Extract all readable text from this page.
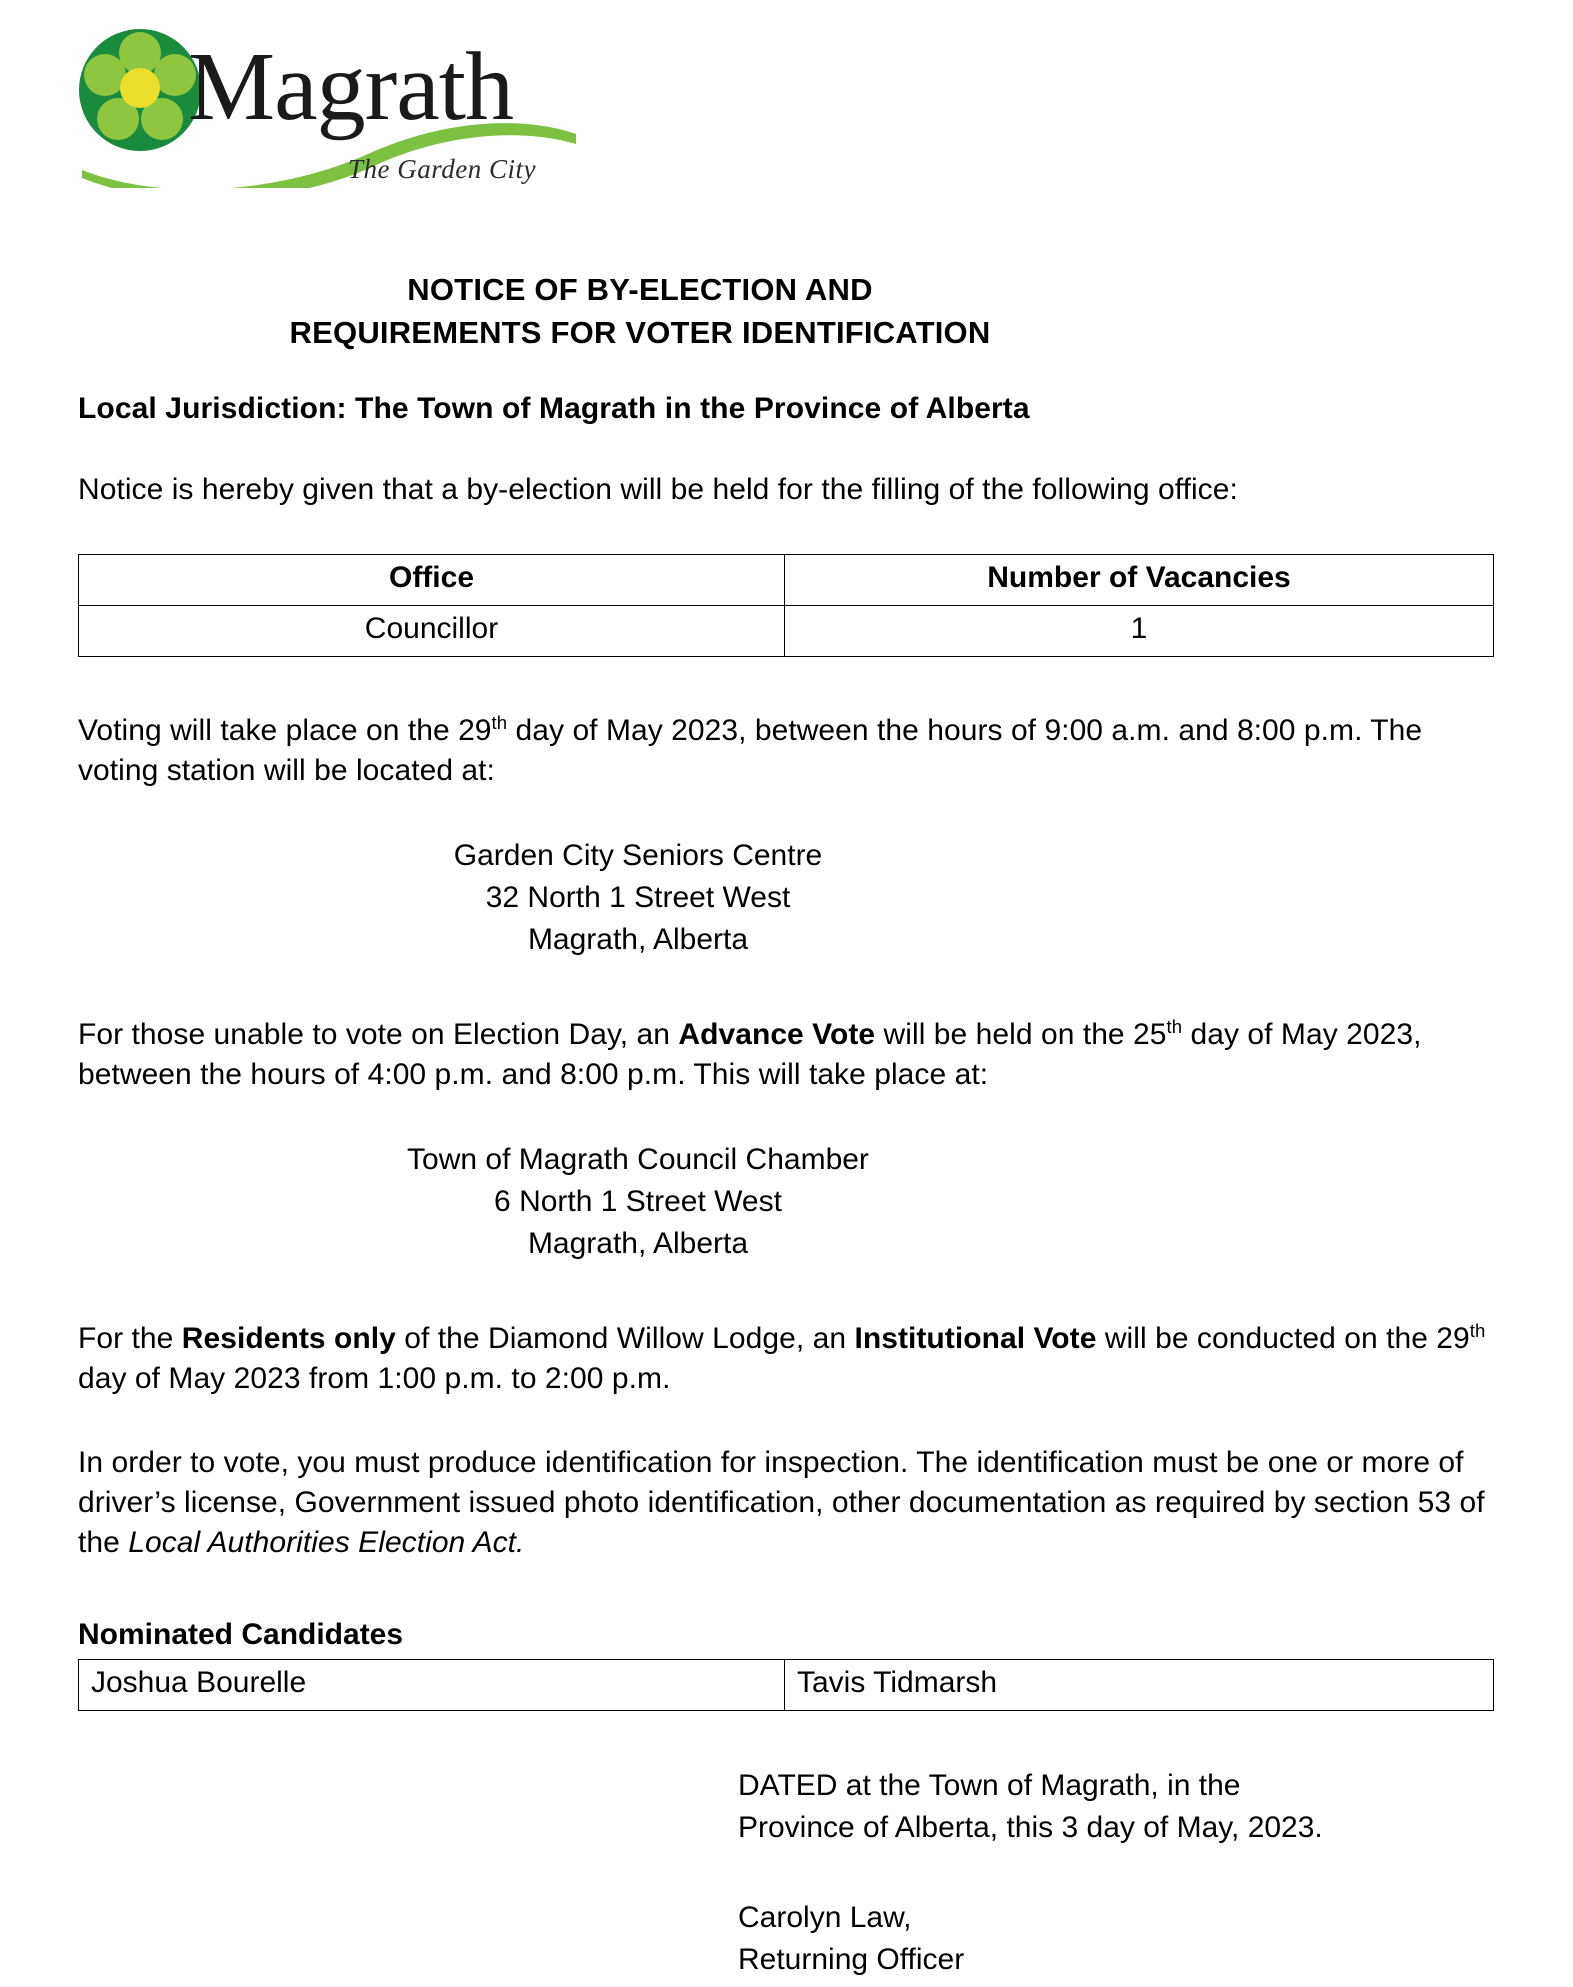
Magrath
The Garden City
NOTICE OF BY-ELECTION AND
REQUIREMENTS FOR VOTER IDENTIFICATION
Local Jurisdiction: The Town of Magrath in the Province of Alberta

Notice is hereby given that a by-election will be held for the filling of the following office:

Office	Number of Vacancies
Councillor	1

Voting will take place on the 29th day of May 2023, between the hours of 9:00 a.m. and 8:00 p.m. The voting station will be located at:

Garden City Seniors Centre
32 North 1 Street West
Magrath, Alberta

For those unable to vote on Election Day, an Advance Vote will be held on the 25th day of May 2023, between the hours of 4:00 p.m. and 8:00 p.m. This will take place at:

Town of Magrath Council Chamber
6 North 1 Street West
Magrath, Alberta

For the Residents only of the Diamond Willow Lodge, an Institutional Vote will be conducted on the 29th day of May 2023 from 1:00 p.m. to 2:00 p.m.

In order to vote, you must produce identification for inspection. The identification must be one or more of driver’s license, Government issued photo identification, other documentation as required by section 53 of the Local Authorities Election Act.

Nominated Candidates
Joshua Bourelle	Tavis Tidmarsh
DATED at the Town of Magrath, in the
Province of Alberta, this 3 day of May, 2023.
Carolyn Law,
Returning Officer
